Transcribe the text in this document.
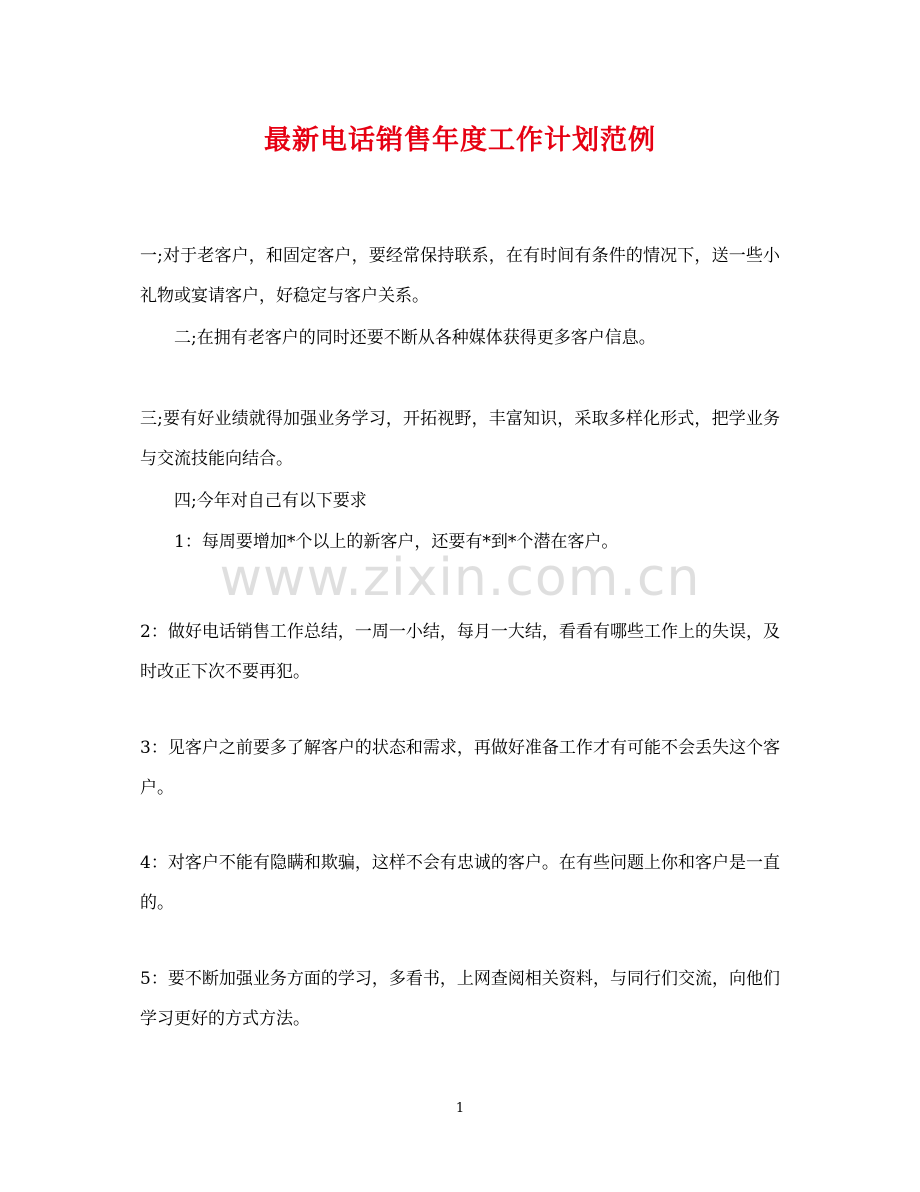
最新电话销售年度工作计划范例

一;对于老客户，和固定客户，要经常保持联系，在有时间有条件的情况下，送一些小礼物或宴请客户，好稳定与客户关系。

二;在拥有老客户的同时还要不断从各种媒体获得更多客户信息。

三;要有好业绩就得加强业务学习，开拓视野，丰富知识，采取多样化形式，把学业务与交流技能向结合。

四;今年对自己有以下要求

1：每周要增加*个以上的新客户，还要有*到*个潜在客户。

2：做好电话销售工作总结，一周一小结，每月一大结，看看有哪些工作上的失误，及时改正下次不要再犯。

3：见客户之前要多了解客户的状态和需求，再做好准备工作才有可能不会丢失这个客户。

4：对客户不能有隐瞒和欺骗，这样不会有忠诚的客户。在有些问题上你和客户是一直的。

5：要不断加强业务方面的学习，多看书，上网查阅相关资料，与同行们交流，向他们学习更好的方式方法。

www.zixin.com.cn
1
